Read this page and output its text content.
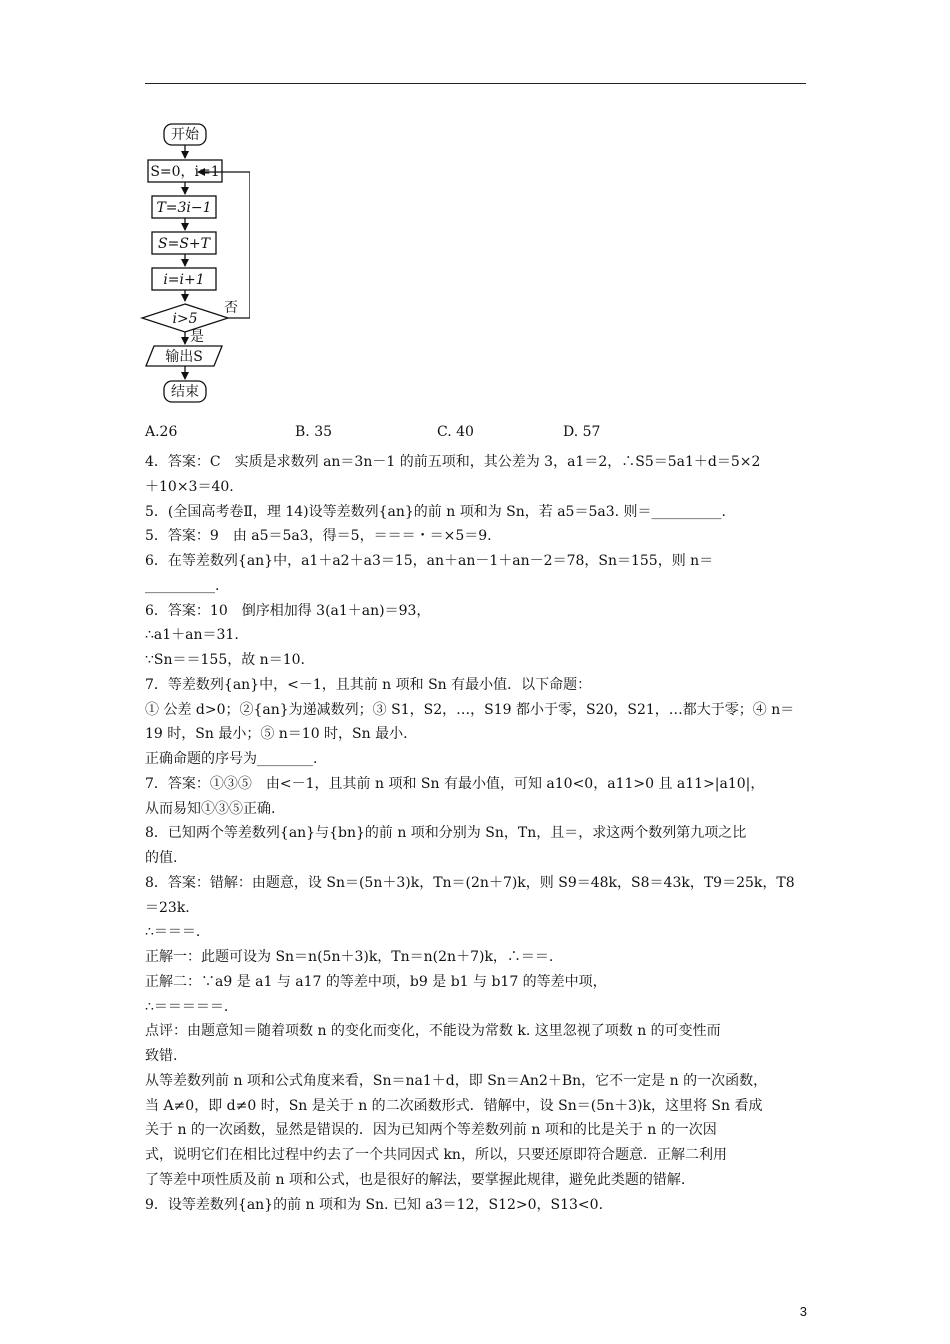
开始
S=0，i=1
T=3i−1
S=S+T
i=i+1
i>5
否
是
输出S
结束
A.26	B. 35	C. 40	D. 57

4．答案：C　实质是求数列 an＝3n－1 的前五项和，其公差为 3，a1＝2，∴S5＝5a1＋d＝5×2

＋10×3＝40.

5．(全国高考卷Ⅱ，理 14)设等差数列{an}的前 n 项和为 Sn，若 a5＝5a3. 则＝__________.

5．答案：9　由 a5＝5a3，得＝5，＝＝＝・＝×5＝9.

6．在等差数列{an}中，a1＋a2＋a3＝15，an＋an－1＋an－2＝78，Sn＝155，则 n＝

__________.

6．答案：10　倒序相加得 3(a1＋an)＝93，

∴a1＋an＝31.

∵Sn＝＝155，故 n＝10.

7．等差数列{an}中，<－1，且其前 n 项和 Sn 有最小值．以下命题：

① 公差 d>0；②{an}为递减数列；③ S1，S2，…，S19 都小于零，S20，S21，…都大于零；④ n＝

19 时，Sn 最小；⑤ n＝10 时，Sn 最小.

正确命题的序号为________.

7．答案：①③⑤　由<－1，且其前 n 项和 Sn 有最小值，可知 a10<0，a11>0 且 a11>|a10|，

从而易知①③⑤正确.

8．已知两个等差数列{an}与{bn}的前 n 项和分别为 Sn，Tn，且＝，求这两个数列第九项之比

的值.

8．答案：错解：由题意，设 Sn＝(5n＋3)k，Tn＝(2n＋7)k，则 S9＝48k，S8＝43k，T9＝25k，T8

＝23k.

∴＝＝＝.

正解一：此题可设为 Sn＝n(5n＋3)k，Tn＝n(2n＋7)k，∴＝＝.

正解二：∵a9 是 a1 与 a17 的等差中项，b9 是 b1 与 b17 的等差中项，

∴＝＝＝＝＝.

点评：由题意知＝随着项数 n 的变化而变化，不能设为常数 k. 这里忽视了项数 n 的可变性而

致错.

从等差数列前 n 项和公式角度来看，Sn＝na1＋d，即 Sn＝An2＋Bn，它不一定是 n 的一次函数，

当 A≠0，即 d≠0 时，Sn 是关于 n 的二次函数形式．错解中，设 Sn＝(5n＋3)k，这里将 Sn 看成

关于 n 的一次函数，显然是错误的．因为已知两个等差数列前 n 项和的比是关于 n 的一次因

式，说明它们在相比过程中约去了一个共同因式 kn，所以，只要还原即符合题意．正解二利用

了等差中项性质及前 n 项和公式，也是很好的解法，要掌握此规律，避免此类题的错解.

9．设等差数列{an}的前 n 项和为 Sn. 已知 a3＝12，S12>0，S13<0.

3
